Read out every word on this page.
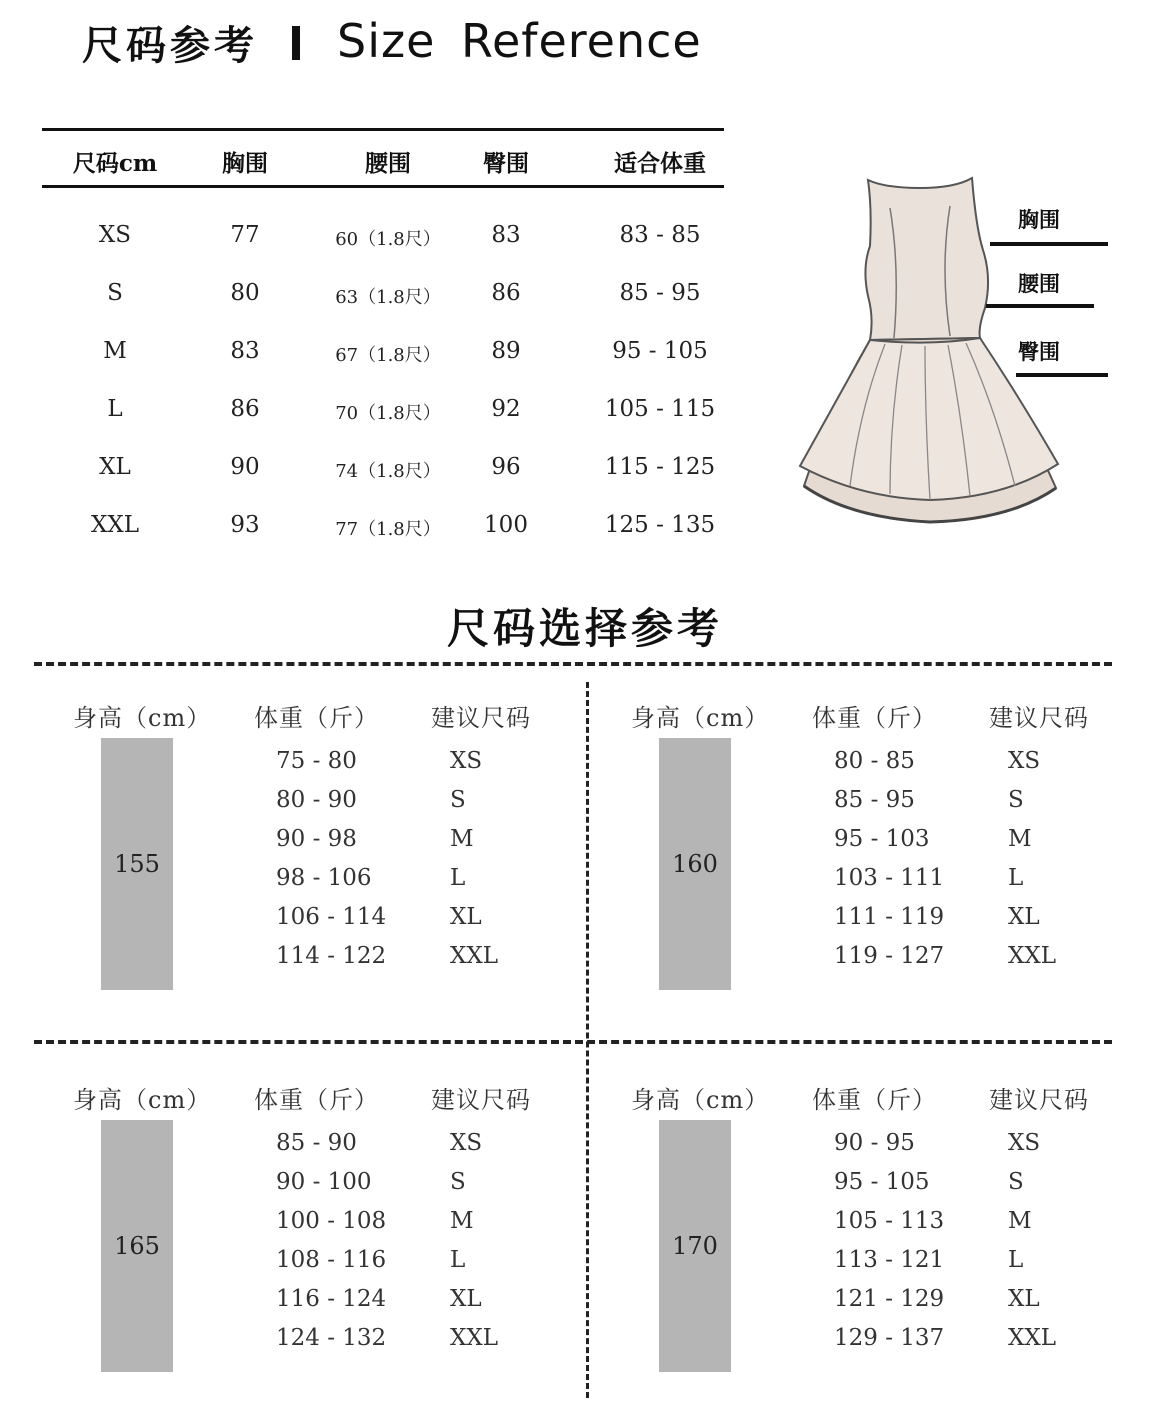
尺码参考 Size Reference
尺码cm	胸围	腰围	臀围	适合体重
XS	77	60（1.8尺）	83	83 - 85
S	80	63（1.8尺）	86	85 - 95
M	83	67（1.8尺）	89	95 - 105
L	86	70（1.8尺）	92	105 - 115
XL	90	74（1.8尺）	96	115 - 125
XXL	93	77（1.8尺）	100	125 - 135
胸围
腰围
臀围
尺码选择参考
身高（cm） 体重（斤） 建议尺码
155
75 - 80	XS
80 - 90	S
90 - 98	M
98 - 106	L
106 - 114	XL
114 - 122	XXL
身高（cm） 体重（斤） 建议尺码
160
80 - 85	XS
85 - 95	S
95 - 103	M
103 - 111	L
111 - 119	XL
119 - 127	XXL
身高（cm） 体重（斤） 建议尺码
165
85 - 90	XS
90 - 100	S
100 - 108	M
108 - 116	L
116 - 124	XL
124 - 132	XXL
身高（cm） 体重（斤） 建议尺码
170
90 - 95	XS
95 - 105	S
105 - 113	M
113 - 121	L
121 - 129	XL
129 - 137	XXL
